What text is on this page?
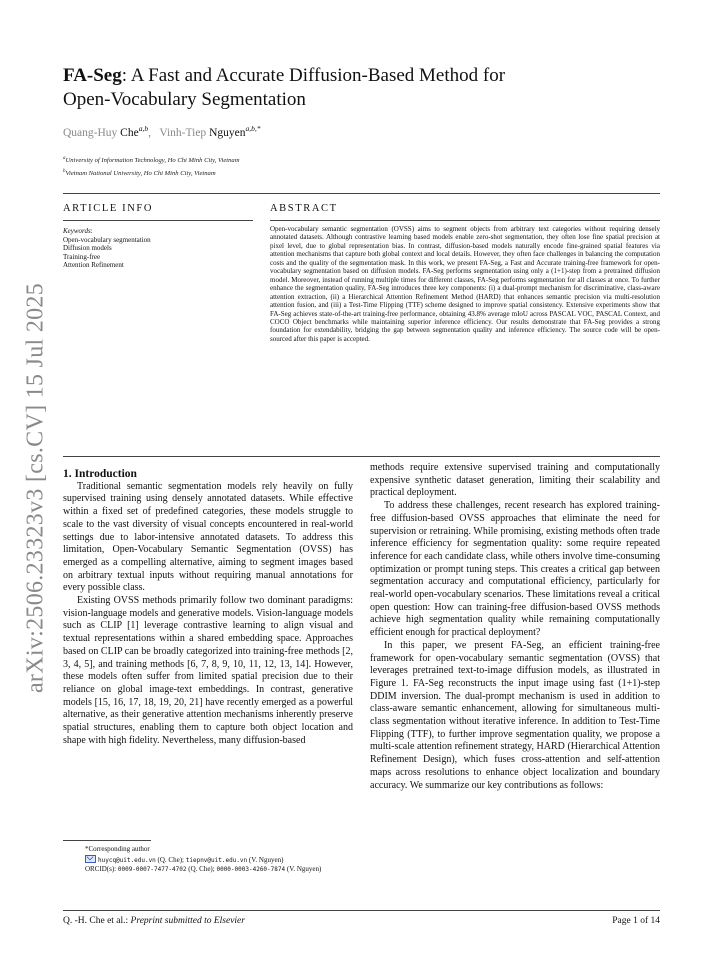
arXiv:2506.23323v3 [cs.CV] 15 Jul 2025
FA-Seg: A Fast and Accurate Diffusion-Based Method for
Open-Vocabulary Segmentation
Quang-Huy Che$^{a,b}$,   Vinh-Tiep Nguyen$^{a,b,*}$
$^a$University of Information Technology, Ho Chi Minh City, Vietnam
$^b$Vietnam National University, Ho Chi Minh City, Vietnam
ARTICLE INFO	ABSTRACT
Keywords:
Open-vocabulary segmentation
Diffusion models
Training-free
Attention Refinement
Open-vocabulary semantic segmentation (OVSS) aims to segment objects from arbitrary text categories without requiring densely annotated datasets. Although contrastive learning based models enable zero-shot segmentation, they often lose fine spatial precision at pixel level, due to global representation bias. In contrast, diffusion-based models naturally encode fine-grained spatial features via attention mechanisms that capture both global context and local details. However, they often face challenges in balancing the computation costs and the quality of the segmentation mask. In this work, we present FA-Seg, a Fast and Accurate training-free framework for open-vocabulary segmentation based on diffusion models. FA-Seg performs segmentation using only a (1+1)-step from a pretrained diffusion model. Moreover, instead of running multiple times for different classes, FA-Seg performs segmentation for all classes at once. To further enhance the segmentation quality, FA-Seg introduces three key components: (i) a dual-prompt mechanism for discriminative, class-aware attention extraction, (ii) a Hierarchical Attention Refinement Method (HARD) that enhances semantic precision via multi-resolution attention fusion, and (iii) a Test-Time Flipping (TTF) scheme designed to improve spatial consistency. Extensive experiments show that FA-Seg achieves state-of-the-art training-free performance, obtaining 43.8% average mIoU across PASCAL VOC, PASCAL Context, and COCO Object benchmarks while maintaining superior inference efficiency. Our results demonstrate that FA-Seg provides a strong foundation for extendability, bridging the gap between segmentation quality and inference efficiency. The source code will be open-sourced after this paper is accepted.

1. Introduction

Traditional semantic segmentation models rely heavily on fully supervised training using densely annotated datasets. While effective within a fixed set of predefined categories, these models struggle to scale to the vast diversity of visual concepts encountered in real-world settings due to labor-intensive annotated datasets. To address this limitation, Open-Vocabulary Semantic Segmentation (OVSS) has emerged as a compelling alternative, aiming to segment images based on arbitrary textual inputs without requiring manual annotations for every possible class.

Existing OVSS methods primarily follow two dominant paradigms: vision-language models and generative models. Vision-language models such as CLIP [1] leverage contrastive learning to align visual and textual representations within a shared embedding space. Approaches based on CLIP can be broadly categorized into training-free methods [2, 3, 4, 5], and training methods [6, 7, 8, 9, 10, 11, 12, 13, 14]. However, these models often suffer from limited spatial precision due to their reliance on global image-text embeddings. In contrast, generative models [15, 16, 17, 18, 19, 20, 21] have recently emerged as a powerful alternative, as their generative attention mechanisms inherently preserve spatial structures, enabling them to capture both object location and shape with high fidelity. Nevertheless, many diffusion-based

methods require extensive supervised training and computationally expensive synthetic dataset generation, limiting their scalability and practical deployment.

To address these challenges, recent research has explored training-free diffusion-based OVSS approaches that eliminate the need for supervision or retraining. While promising, existing methods often trade inference efficiency for segmentation quality: some require repeated inference for each candidate class, while others involve time-consuming optimization or prompt tuning steps. This creates a critical gap between segmentation accuracy and computational efficiency, particularly for real-world open-vocabulary scenarios. These limitations reveal a critical open question: How can training-free diffusion-based OVSS methods achieve high segmentation quality while remaining computationally efficient enough for practical deployment?

In this paper, we present FA-Seg, an efficient training-free framework for open-vocabulary semantic segmentation (OVSS) that leverages pretrained text-to-image diffusion models, as illustrated in Figure 1. FA-Seg reconstructs the input image using fast (1+1)-step DDIM inversion. The dual-prompt mechanism is used in addition to class-aware semantic enhancement, allowing for simultaneous multi-class segmentation without iterative inference. In addition to Test-Time Flipping (TTF), to further improve segmentation quality, we propose a multi-scale attention refinement strategy, HARD (Hierarchical Attention Refinement Design), which fuses cross-attention and self-attention maps across resolutions to enhance object localization and boundary accuracy. We summarize our key contributions as follows:

*Corresponding author
huycq@uit.edu.vn (Q. Che); tiepnv@uit.edu.vn (V. Nguyen)
ORCID(s): 0009-0007-7477-4702 (Q. Che); 0000-0003-4260-7874 (V. Nguyen)
Q. -H. Che et al.: Preprint submitted to Elsevier	Page 1 of 14
